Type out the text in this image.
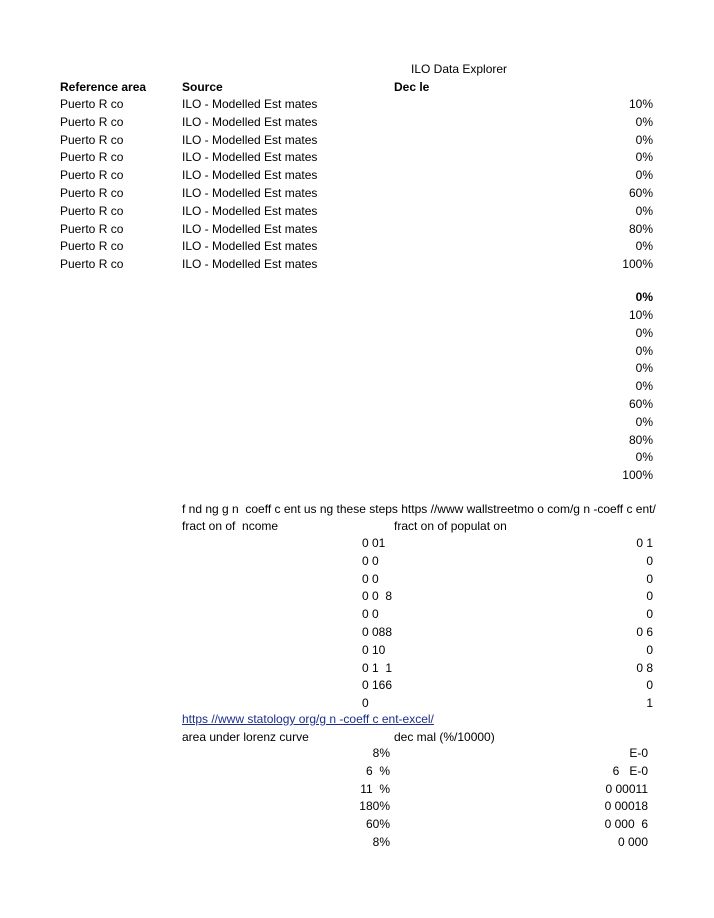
ILO Data Explorer
Reference area	Source	Dec le
Puerto R co	ILO - Modelled Est mates	10%
Puerto R co	ILO - Modelled Est mates	0%
Puerto R co	ILO - Modelled Est mates	0%
Puerto R co	ILO - Modelled Est mates	0%
Puerto R co	ILO - Modelled Est mates	0%
Puerto R co	ILO - Modelled Est mates	60%
Puerto R co	ILO - Modelled Est mates	0%
Puerto R co	ILO - Modelled Est mates	80%
Puerto R co	ILO - Modelled Est mates	0%
Puerto R co	ILO - Modelled Est mates	100%
0%
10%
0%
0%
0%
0%
60%
0%
80%
0%
100%
f nd ng g n  coeff c ent us ng these steps https //www wallstreetmo o com/g n -coeff c ent/
fract on of  ncome	fract on of populat on
0 01	0 1
0 0	0
0 0	0
0 0  8	0
0 0	0
0 088	0 6
0 10	0
0 1  1	0 8
0 166	0
0	1
https //www statology org/g n -coeff c ent-excel/
area under lorenz curve	dec mal (%/10000)
8%	E-0
6  %	6   E-0
11  %	0 00011
180%	0 00018
60%	0 000  6
8%	0 000
